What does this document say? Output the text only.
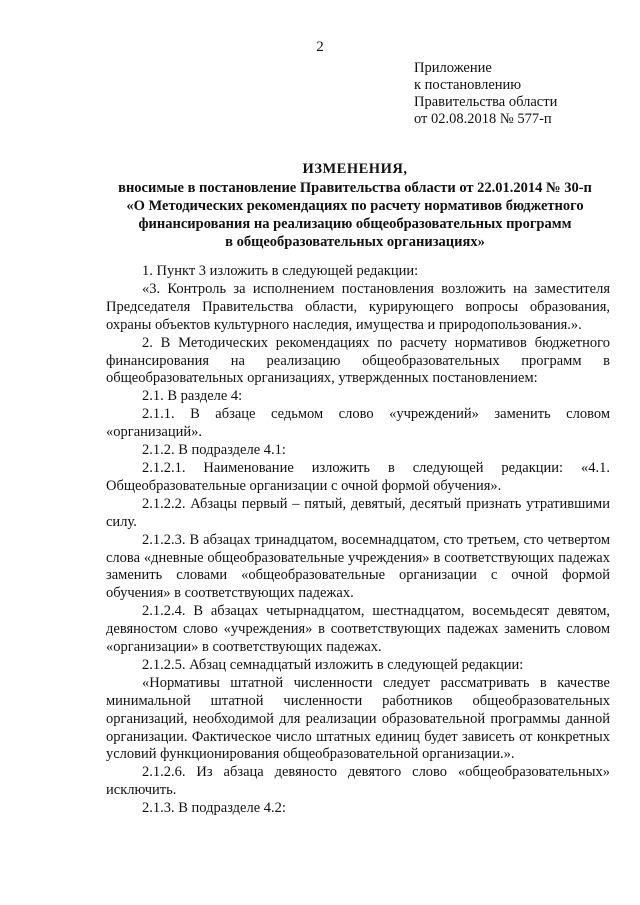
2
Приложение
к постановлению
Правительства области
от 02.08.2018 № 577-п
ИЗМЕНЕНИЯ,
вносимые в постановление Правительства области от 22.01.2014 № 30-п
«О Методических рекомендациях по расчету нормативов бюджетного
финансирования на реализацию общеобразовательных программ
в общеобразовательных организациях»

1. Пункт 3 изложить в следующей редакции:

«3. Контроль за исполнением постановления возложить на заместителя Председателя Правительства области, курирующего вопросы образования, охраны объектов культурного наследия, имущества и природопользования.».

2. В Методических рекомендациях по расчету нормативов бюджетного финансирования на реализацию общеобразовательных программ в общеобразовательных организациях, утвержденных постановлением:

2.1. В разделе 4:

2.1.1. В абзаце седьмом слово «учреждений» заменить словом «организаций».

2.1.2. В подразделе 4.1:

2.1.2.1. Наименование изложить в следующей редакции: «4.1. Общеобразовательные организации с очной формой обучения».

2.1.2.2. Абзацы первый – пятый, девятый, десятый признать утратившими силу.

2.1.2.3. В абзацах тринадцатом, восемнадцатом, сто третьем, сто четвертом слова «дневные общеобразовательные учреждения» в соответствующих падежах заменить словами «общеобразовательные организации с очной формой обучения» в соответствующих падежах.

2.1.2.4. В абзацах четырнадцатом, шестнадцатом, восемьдесят девятом, девяностом слово «учреждения» в соответствующих падежах заменить словом «организации» в соответствующих падежах.

2.1.2.5. Абзац семнадцатый изложить в следующей редакции:

«Нормативы штатной численности следует рассматривать в качестве минимальной штатной численности работников общеобразовательных организаций, необходимой для реализации образовательной программы данной организации. Фактическое число штатных единиц будет зависеть от конкретных условий функционирования общеобразовательной организации.».

2.1.2.6. Из абзаца девяносто девятого слово «общеобразовательных» исключить.

2.1.3. В подразделе 4.2:
